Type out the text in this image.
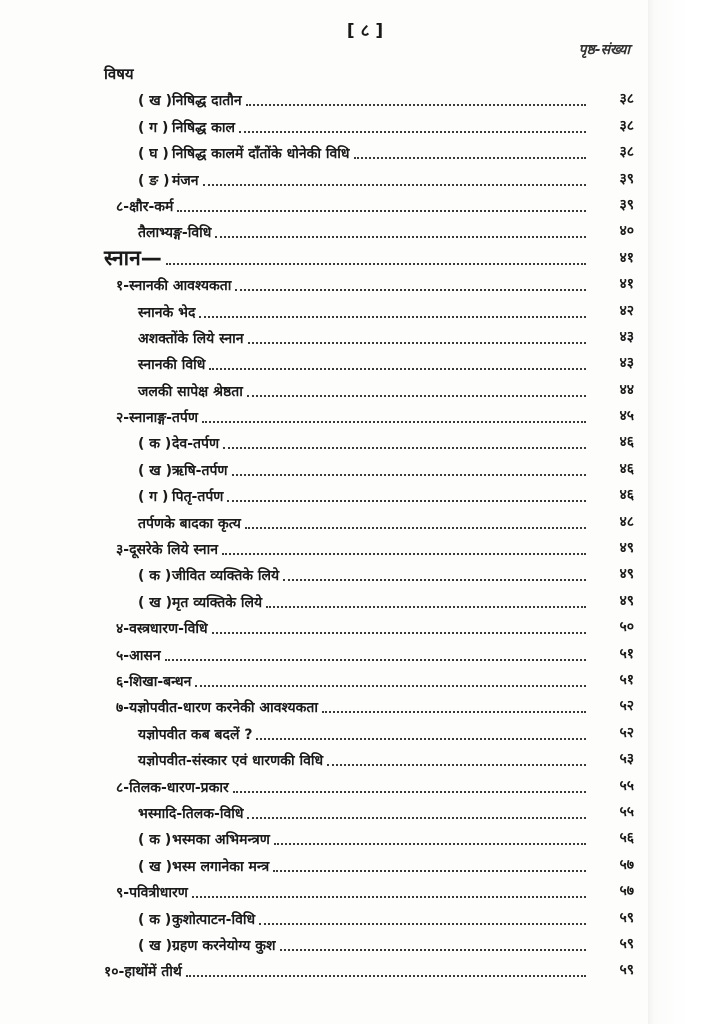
[ ८ ]
पृष्ठ-संख्या
विषय
( ख )निषिद्ध दातौन	३८
( ग ) निषिद्ध काल	३८
( घ ) निषिद्ध कालमें दाँतोंके धोनेकी विधि	३८
( ङ ) मंजन	३९
८-क्षौर-कर्म	३९
तैलाभ्यङ्ग-विधि	४०
स्नान—	४१
१-स्नानकी आवश्यकता	४१
स्नानके भेद	४२
अशक्तोंके लिये स्नान	४३
स्नानकी विधि	४३
जलकी सापेक्ष श्रेष्ठता	४४
२-स्नानाङ्ग-तर्पण	४५
( क )देव-तर्पण	४६
( ख )ऋषि-तर्पण	४६
( ग ) पितृ-तर्पण	४६
तर्पणके बादका कृत्य	४८
३-दूसरेके लिये स्नान	४९
( क )जीवित व्यक्तिके लिये	४९
( ख )मृत व्यक्तिके लिये	४९
४-वस्त्रधारण-विधि	५०
५-आसन	५१
६-शिखा-बन्धन	५१
७-यज्ञोपवीत-धारण करनेकी आवश्यकता	५२
यज्ञोपवीत कब बदलें ?	५२
यज्ञोपवीत-संस्कार एवं धारणकी विधि	५३
८-तिलक-धारण-प्रकार	५५
भस्मादि-तिलक-विधि	५५
( क )भस्मका अभिमन्त्रण	५६
( ख )भस्म लगानेका मन्त्र	५७
९-पवित्रीधारण	५७
( क )कुशोत्पाटन-विधि	५९
( ख )ग्रहण करनेयोग्य कुश	५९
१०-हाथोंमें तीर्थ	५९
